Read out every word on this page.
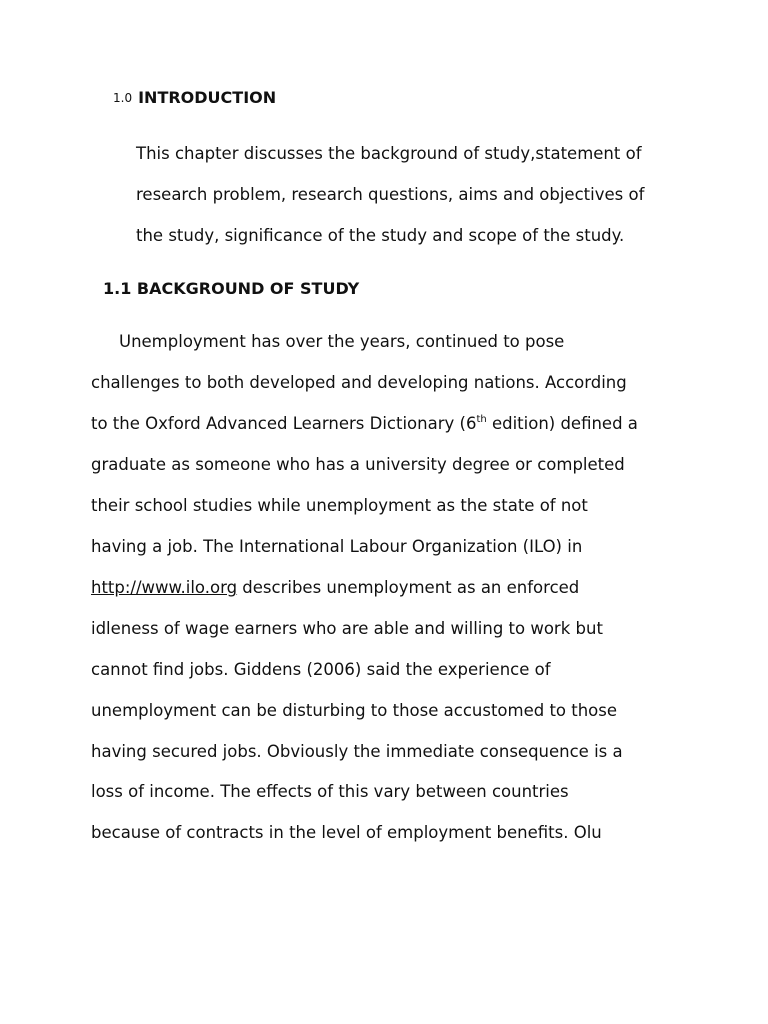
1.0 INTRODUCTION
This chapter discusses the background of study,statement of
research problem, research questions, aims and objectives of
the study, significance of the study and scope of the study.
1.1 BACKGROUND OF STUDY
Unemployment has over the years, continued to pose
challenges to both developed and developing nations. According
to the Oxford Advanced Learners Dictionary (6th edition) defined a
graduate as someone who has a university degree or completed
their school studies while unemployment as the state of not
having a job. The International Labour Organization (ILO) in
http://www.ilo.org describes unemployment as an enforced
idleness of wage earners who are able and willing to work but
cannot find jobs. Giddens (2006) said the experience of
unemployment can be disturbing to those accustomed to those
having secured jobs. Obviously the immediate consequence is a
loss of income. The effects of this vary between countries
because of contracts in the level of employment benefits. Olu
